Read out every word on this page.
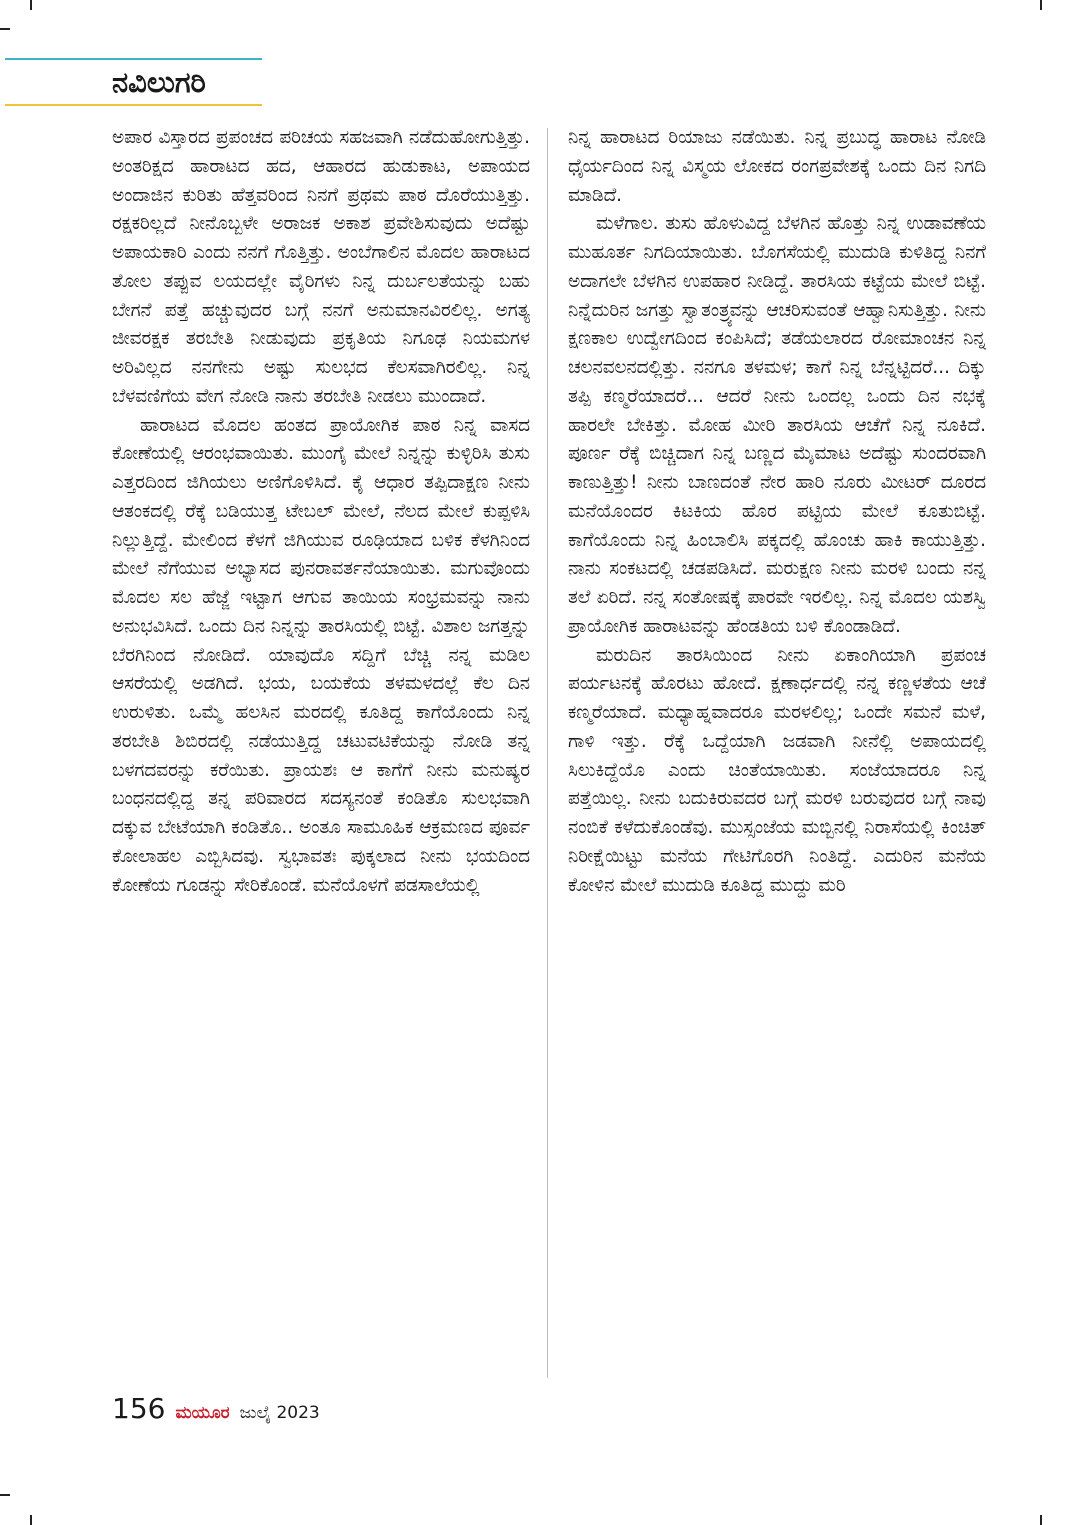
ನವಿಲುಗರಿ

ಅಪಾರ ವಿಸ್ತಾರದ ಪ್ರಪಂಚದ ಪರಿಚಯ ಸಹಜವಾಗಿ ನಡೆದುಹೋಗುತ್ತಿತ್ತು. ಅಂತರಿಕ್ಷದ ಹಾರಾಟದ ಹದ, ಆಹಾರದ ಹುಡುಕಾಟ, ಅಪಾಯದ ಅಂದಾಜಿನ ಕುರಿತು ಹೆತ್ತವರಿಂದ ನಿನಗೆ ಪ್ರಥಮ ಪಾಠ ದೊರೆಯುತ್ತಿತ್ತು. ರಕ್ಷಕರಿಲ್ಲದೆ ನೀನೊಬ್ಬಳೇ ಅರಾಜಕ ಅಕಾಶ ಪ್ರವೇಶಿಸುವುದು ಅದೆಷ್ಟು ಅಪಾಯಕಾರಿ ಎಂದು ನನಗೆ ಗೊತ್ತಿತ್ತು. ಅಂಬೆಗಾಲಿನ ಮೊದಲ ಹಾರಾಟದ ತೋಲ ತಪ್ಪುವ ಲಯದಲ್ಲೇ ವೈರಿಗಳು ನಿನ್ನ ದುರ್ಬಲತೆಯನ್ನು ಬಹು ಬೇಗನೆ ಪತ್ತೆ ಹಚ್ಚುವುದರ ಬಗ್ಗೆ ನನಗೆ ಅನುಮಾನವಿರಲಿಲ್ಲ. ಅಗತ್ಯ ಜೀವರಕ್ಷಕ ತರಬೇತಿ ನೀಡುವುದು ಪ್ರಕೃತಿಯ ನಿಗೂಢ ನಿಯಮಗಳ ಅರಿವಿಲ್ಲದ ನನಗೇನು ಅಷ್ಟು ಸುಲಭದ ಕೆಲಸವಾಗಿರಲಿಲ್ಲ. ನಿನ್ನ ಬೆಳವಣಿಗೆಯ ವೇಗ ನೋಡಿ ನಾನು ತರಬೇತಿ ನೀಡಲು ಮುಂದಾದೆ.

ಹಾರಾಟದ ಮೊದಲ ಹಂತದ ಪ್ರಾಯೋಗಿಕ ಪಾಠ ನಿನ್ನ ವಾಸದ ಕೋಣೆಯಲ್ಲಿ ಆರಂಭವಾಯಿತು. ಮುಂಗೈ ಮೇಲೆ ನಿನ್ನನ್ನು ಕುಳ್ಳಿರಿಸಿ ತುಸು ಎತ್ತರದಿಂದ ಜಿಗಿಯಲು ಅಣಿಗೊಳಿಸಿದೆ. ಕೈ ಆಧಾರ ತಪ್ಪಿದಾಕ್ಷಣ ನೀನು ಆತಂಕದಲ್ಲಿ ರೆಕ್ಕೆ ಬಡಿಯುತ್ತ ಟೇಬಲ್ ಮೇಲೆ, ನೆಲದ ಮೇಲೆ ಕುಪ್ಪಳಿಸಿ ನಿಲ್ಲುತ್ತಿದ್ದೆ. ಮೇಲಿಂದ ಕೆಳಗೆ ಜಿಗಿಯುವ ರೂಢಿಯಾದ ಬಳಿಕ ಕೆಳಗಿನಿಂದ ಮೇಲೆ ನೆಗೆಯುವ ಅಭ್ಯಾಸದ ಪುನರಾವರ್ತನೆಯಾಯಿತು. ಮಗುವೊಂದು ಮೊದಲ ಸಲ ಹೆಜ್ಜೆ ಇಟ್ಟಾಗ ಆಗುವ ತಾಯಿಯ ಸಂಭ್ರಮವನ್ನು ನಾನು ಅನುಭವಿಸಿದೆ. ಒಂದು ದಿನ ನಿನ್ನನ್ನು ತಾರಸಿಯಲ್ಲಿ ಬಿಟ್ಟೆ. ವಿಶಾಲ ಜಗತ್ತನ್ನು ಬೆರಗಿನಿಂದ ನೋಡಿದೆ. ಯಾವುದೊ ಸದ್ದಿಗೆ ಬೆಚ್ಚಿ ನನ್ನ ಮಡಿಲ ಆಸರೆಯಲ್ಲಿ ಅಡಗಿದೆ. ಭಯ, ಬಯಕೆಯ ತಳಮಳದಲ್ಲೆ ಕೆಲ ದಿನ ಉರುಳಿತು. ಒಮ್ಮೆ ಹಲಸಿನ ಮರದಲ್ಲಿ ಕೂತಿದ್ದ ಕಾಗೆಯೊಂದು ನಿನ್ನ ತರಬೇತಿ ಶಿಬಿರದಲ್ಲಿ ನಡೆಯುತ್ತಿದ್ದ ಚಟುವಟಿಕೆಯನ್ನು ನೋಡಿ ತನ್ನ ಬಳಗದವರನ್ನು ಕರೆಯಿತು. ಪ್ರಾಯಶಃ ಆ ಕಾಗೆಗೆ ನೀನು ಮನುಷ್ಯರ ಬಂಧನದಲ್ಲಿದ್ದ ತನ್ನ ಪರಿವಾರದ ಸದಸ್ಯನಂತೆ ಕಂಡಿತೊ ಸುಲಭವಾಗಿ ದಕ್ಕುವ ಬೇಟೆಯಾಗಿ ಕಂಡಿತೊ.. ಅಂತೂ ಸಾಮೂಹಿಕ ಆಕ್ರಮಣದ ಪೂರ್ವ ಕೋಲಾಹಲ ಎಬ್ಬಿಸಿದವು. ಸ್ವಭಾವತಃ ಪುಕ್ಕಲಾದ ನೀನು ಭಯದಿಂದ ಕೋಣೆಯ ಗೂಡನ್ನು ಸೇರಿಕೊಂಡೆ. ಮನೆಯೊಳಗೆ ಪಡಸಾಲೆಯಲ್ಲಿ

ನಿನ್ನ ಹಾರಾಟದ ರಿಯಾಜು ನಡೆಯಿತು. ನಿನ್ನ ಪ್ರಬುದ್ಧ ಹಾರಾಟ ನೋಡಿ ಧೈರ್ಯದಿಂದ ನಿನ್ನ ವಿಸ್ಮಯ ಲೋಕದ ರಂಗಪ್ರವೇಶಕ್ಕೆ ಒಂದು ದಿನ ನಿಗದಿ ಮಾಡಿದೆ.

ಮಳೆಗಾಲ. ತುಸು ಹೊಳುವಿದ್ದ ಬೆಳಗಿನ ಹೊತ್ತು ನಿನ್ನ ಉಡಾವಣೆಯ ಮುಹೂರ್ತ ನಿಗದಿಯಾಯಿತು. ಬೊಗಸೆಯಲ್ಲಿ ಮುದುಡಿ ಕುಳಿತಿದ್ದ ನಿನಗೆ ಅದಾಗಲೇ ಬೆಳಗಿನ ಉಪಹಾರ ನೀಡಿದ್ದೆ. ತಾರಸಿಯ ಕಟ್ಟೆಯ ಮೇಲೆ ಬಿಟ್ಟೆ. ನಿನ್ನೆದುರಿನ ಜಗತ್ತು ಸ್ವಾತಂತ್ರ್ಯವನ್ನು ಆಚರಿಸುವಂತೆ ಆಹ್ವಾನಿಸುತ್ತಿತ್ತು. ನೀನು ಕ್ಷಣಕಾಲ ಉದ್ವೇಗದಿಂದ ಕಂಪಿಸಿದೆ; ತಡೆಯಲಾರದ ರೋಮಾಂಚನ ನಿನ್ನ ಚಲನವಲನದಲ್ಲಿತ್ತು. ನನಗೂ ತಳಮಳ; ಕಾಗೆ ನಿನ್ನ ಬೆನ್ನಟ್ಟಿದರೆ... ದಿಕ್ಕು ತಪ್ಪಿ ಕಣ್ಮರೆಯಾದರೆ... ಆದರೆ ನೀನು ಒಂದಲ್ಲ ಒಂದು ದಿನ ನಭಕ್ಕೆ ಹಾರಲೇ ಬೇಕಿತ್ತು. ಮೋಹ ಮೀರಿ ತಾರಸಿಯ ಆಚೆಗೆ ನಿನ್ನ ನೂಕಿದೆ. ಪೂರ್ಣ ರೆಕ್ಕೆ ಬಿಚ್ಚಿದಾಗ ನಿನ್ನ ಬಣ್ಣದ ಮೈಮಾಟ ಅದೆಷ್ಟು ಸುಂದರವಾಗಿ ಕಾಣುತ್ತಿತ್ತು! ನೀನು ಬಾಣದಂತೆ ನೇರ ಹಾರಿ ನೂರು ಮೀಟರ್ ದೂರದ ಮನೆಯೊಂದರ ಕಿಟಕಿಯ ಹೊರ ಪಟ್ಟಿಯ ಮೇಲೆ ಕೂತುಬಿಟ್ಟೆ. ಕಾಗೆಯೊಂದು ನಿನ್ನ ಹಿಂಬಾಲಿಸಿ ಪಕ್ಕದಲ್ಲಿ ಹೊಂಚು ಹಾಕಿ ಕಾಯುತ್ತಿತ್ತು. ನಾನು ಸಂಕಟದಲ್ಲಿ ಚಡಪಡಿಸಿದೆ. ಮರುಕ್ಷಣ ನೀನು ಮರಳಿ ಬಂದು ನನ್ನ ತಲೆ ಏರಿದೆ. ನನ್ನ ಸಂತೋಷಕ್ಕೆ ಪಾರವೇ ಇರಲಿಲ್ಲ. ನಿನ್ನ ಮೊದಲ ಯಶಸ್ವಿ ಪ್ರಾಯೋಗಿಕ ಹಾರಾಟವನ್ನು ಹೆಂಡತಿಯ ಬಳಿ ಕೊಂಡಾಡಿದೆ.

ಮರುದಿನ ತಾರಸಿಯಿಂದ ನೀನು ಏಕಾಂಗಿಯಾಗಿ ಪ್ರಪಂಚ ಪರ್ಯಟನಕ್ಕೆ ಹೊರಟು ಹೋದೆ. ಕ್ಷಣಾರ್ಧದಲ್ಲಿ ನನ್ನ ಕಣ್ಣಳತೆಯ ಆಚೆ ಕಣ್ಮರೆಯಾದೆ. ಮಧ್ಯಾಹ್ನವಾದರೂ ಮರಳಲಿಲ್ಲ; ಒಂದೇ ಸಮನೆ ಮಳೆ, ಗಾಳಿ ಇತ್ತು. ರೆಕ್ಕೆ ಒದ್ದೆಯಾಗಿ ಜಡವಾಗಿ ನೀನೆಲ್ಲಿ ಅಪಾಯದಲ್ಲಿ ಸಿಲುಕಿದ್ದೆಯೊ ಎಂದು ಚಿಂತೆಯಾಯಿತು. ಸಂಜೆಯಾದರೂ ನಿನ್ನ ಪತ್ತೆಯಿಲ್ಲ. ನೀನು ಬದುಕಿರುವದರ ಬಗ್ಗೆ ಮರಳಿ ಬರುವುದರ ಬಗ್ಗೆ ನಾವು ನಂಬಿಕೆ ಕಳೆದುಕೊಂಡೆವು. ಮುಸ್ಸಂಜೆಯ ಮಬ್ಬಿನಲ್ಲಿ ನಿರಾಸೆಯಲ್ಲಿ ಕಿಂಚಿತ್ ನಿರೀಕ್ಷೆಯಿಟ್ಟು ಮನೆಯ ಗೇಟಿಗೊರಗಿ ನಿಂತಿದ್ದೆ. ಎದುರಿನ ಮನೆಯ ಕೋಳಿನ ಮೇಲೆ ಮುದುಡಿ ಕೂತಿದ್ದ ಮುದ್ದು ಮರಿ

156 ಮಯೂರ ಜುಲೈ 2023
